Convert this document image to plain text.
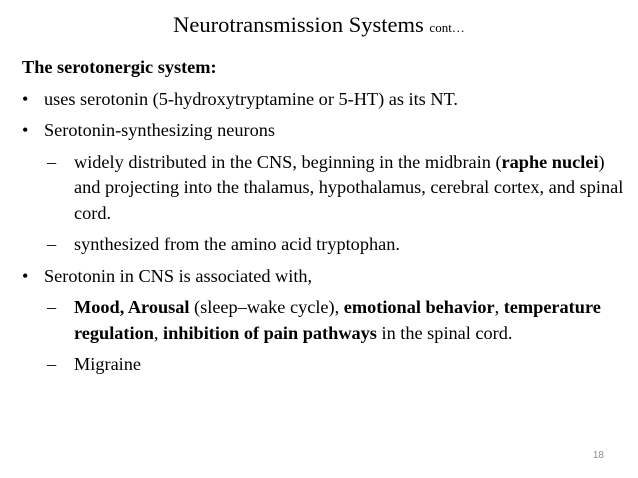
Neurotransmission Systems cont…
The serotonergic system:
• uses serotonin (5-hydroxytryptamine or 5-HT) as its NT.
• Serotonin-synthesizing neurons
– widely distributed in the CNS, beginning in the midbrain (raphe nuclei) and projecting into the thalamus, hypothalamus, cerebral cortex, and spinal cord.
– synthesized from the amino acid tryptophan.
• Serotonin in CNS is associated with,
– Mood, Arousal (sleep–wake cycle), emotional behavior, temperature regulation, inhibition of pain pathways in the spinal cord.
– Migraine
18
